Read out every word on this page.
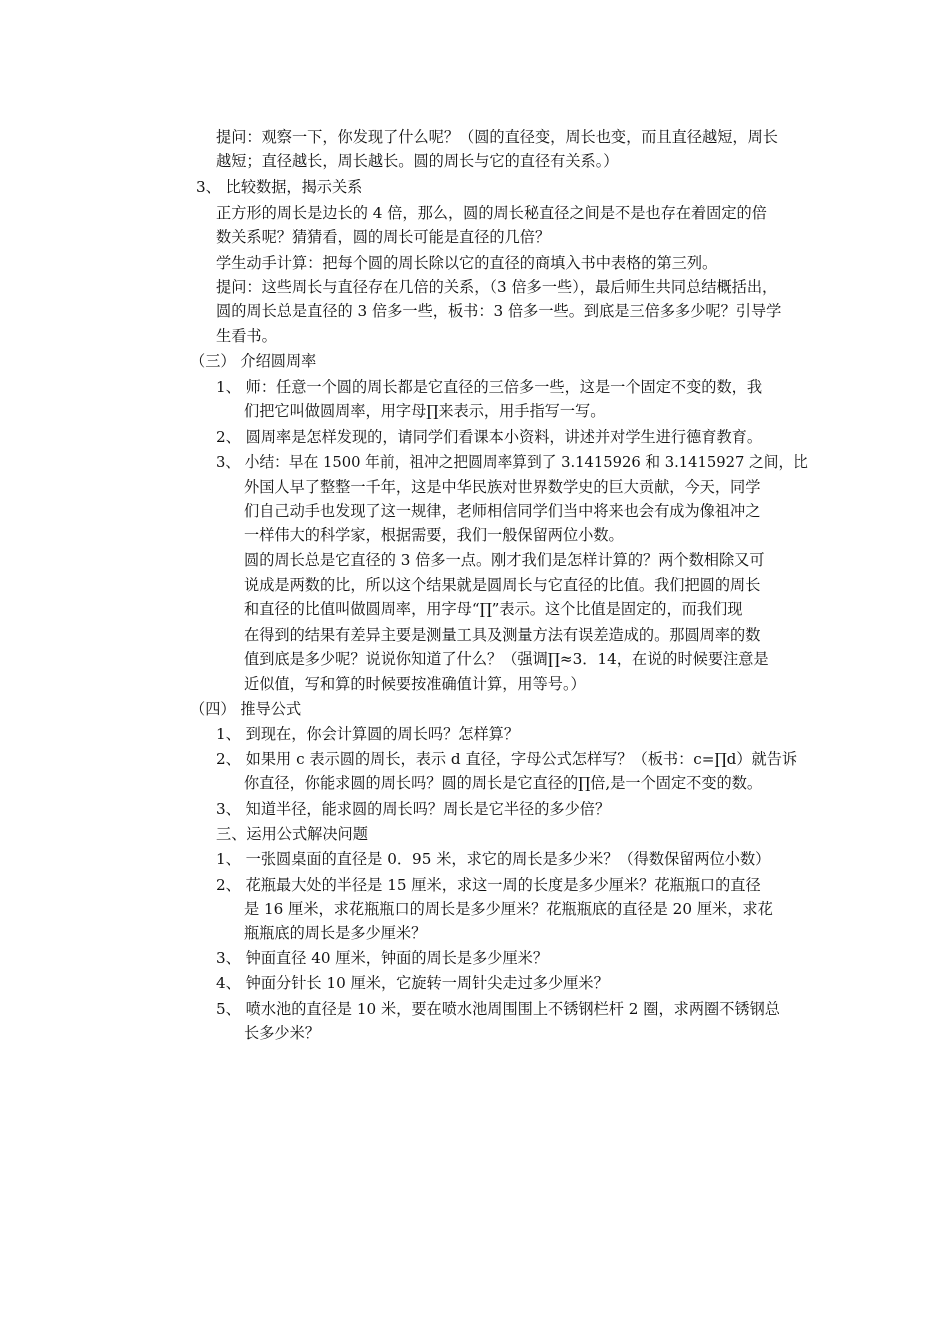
提问：观察一下，你发现了什么呢？（圆的直径变，周长也变，而且直径越短，周长
越短；直径越长，周长越长。圆的周长与它的直径有关系。）
3、 比较数据，揭示关系
正方形的周长是边长的 4 倍，那么，圆的周长秘直径之间是不是也存在着固定的倍
数关系呢？猜猜看，圆的周长可能是直径的几倍？
学生动手计算：把每个圆的周长除以它的直径的商填入书中表格的第三列。
提问：这些周长与直径存在几倍的关系，（3 倍多一些），最后师生共同总结概括出，
圆的周长总是直径的 3 倍多一些，板书：3 倍多一些。到底是三倍多多少呢？引导学
生看书。
（三） 介绍圆周率
1、 师：任意一个圆的周长都是它直径的三倍多一些，这是一个固定不变的数，我
们把它叫做圆周率，用字母∏来表示，用手指写一写。
2、 圆周率是怎样发现的，请同学们看课本小资料，讲述并对学生进行德育教育。
3、 小结：早在 1500 年前，祖冲之把圆周率算到了 3.1415926 和 3.1415927 之间，比
外国人早了整整一千年，这是中华民族对世界数学史的巨大贡献，今天，同学
们自己动手也发现了这一规律，老师相信同学们当中将来也会有成为像祖冲之
一样伟大的科学家，根据需要，我们一般保留两位小数。
圆的周长总是它直径的 3 倍多一点。刚才我们是怎样计算的？两个数相除又可
说成是两数的比，所以这个结果就是圆周长与它直径的比值。我们把圆的周长
和直径的比值叫做圆周率，用字母“∏”表示。这个比值是固定的，而我们现
在得到的结果有差异主要是测量工具及测量方法有误差造成的。那圆周率的数
值到底是多少呢？说说你知道了什么？（强调∏≈3．14，在说的时候要注意是
近似值，写和算的时候要按准确值计算，用等号。）
（四） 推导公式
1、 到现在，你会计算圆的周长吗？怎样算？
2、 如果用 c 表示圆的周长，表示 d 直径，字母公式怎样写？（板书：c=∏d）就告诉
你直径，你能求圆的周长吗？圆的周长是它直径的∏倍,是一个固定不变的数。
3、 知道半径，能求圆的周长吗？周长是它半径的多少倍？
三、运用公式解决问题
1、 一张圆桌面的直径是 0．95 米，求它的周长是多少米？（得数保留两位小数）
2、 花瓶最大处的半径是 15 厘米，求这一周的长度是多少厘米？花瓶瓶口的直径
是 16 厘米，求花瓶瓶口的周长是多少厘米？花瓶瓶底的直径是 20 厘米，求花
瓶瓶底的周长是多少厘米？
3、 钟面直径 40 厘米，钟面的周长是多少厘米？
4、 钟面分针长 10 厘米，它旋转一周针尖走过多少厘米？
5、 喷水池的直径是 10 米，要在喷水池周围围上不锈钢栏杆 2 圈，求两圈不锈钢总
长多少米？
